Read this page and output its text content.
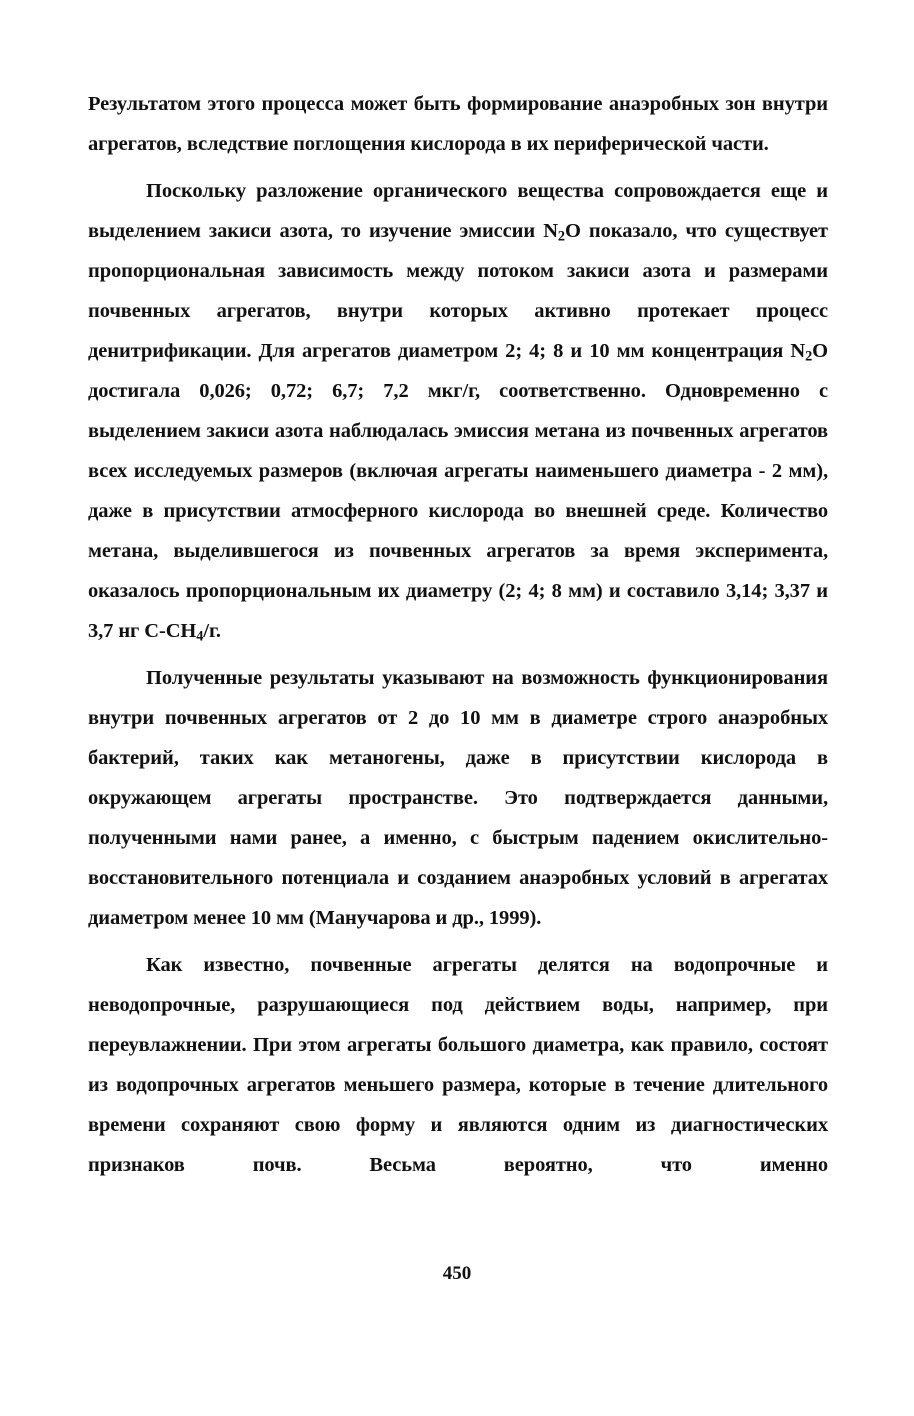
Результатом этого процесса может быть формирование анаэробных зон внутри агрегатов, вследствие поглощения кислорода в их периферической части.

Поскольку разложение органического вещества сопровождается еще и выделением закиси азота, то изучение эмиссии $N_2O$ показало, что существует пропорциональная зависимость между потоком закиси азота и размерами почвенных агрегатов, внутри которых активно протекает процесс денитрификации. Для агрегатов диаметром 2; 4; 8 и 10 мм концентрация $N_2O$ достигала 0,026; 0,72; 6,7; 7,2 мкг/г, соответственно. Одновременно с выделением закиси азота наблюдалась эмиссия метана из почвенных агрегатов всех исследуемых размеров (включая агрегаты наименьшего диаметра - 2 мм), даже в присутствии атмосферного кислорода во внешней среде. Количество метана, выделившегося из почвенных агрегатов за время эксперимента, оказалось пропорциональным их диаметру (2; 4; 8 мм) и составило 3,14; 3,37 и 3,7 нг $С-СН_4/г$.

Полученные результаты указывают на возможность функционирования внутри почвенных агрегатов от 2 до 10 мм в диаметре строго анаэробных бактерий, таких как метаногены, даже в присутствии кислорода в окружающем агрегаты пространстве. Это подтверждается данными, полученными нами ранее, а именно, с быстрым падением окислительно-восстановительного потенциала и созданием анаэробных условий в агрегатах диаметром менее 10 мм (Манучарова и др., 1999).

Как известно, почвенные агрегаты делятся на водопрочные и неводопрочные, разрушающиеся под действием воды, например, при переувлажнении. При этом агрегаты большого диаметра, как правило, состоят из водопрочных агрегатов меньшего размера, которые в течение длительного времени сохраняют свою форму и являются одним из диагностических признаков почв. Весьма вероятно, что именно

450
